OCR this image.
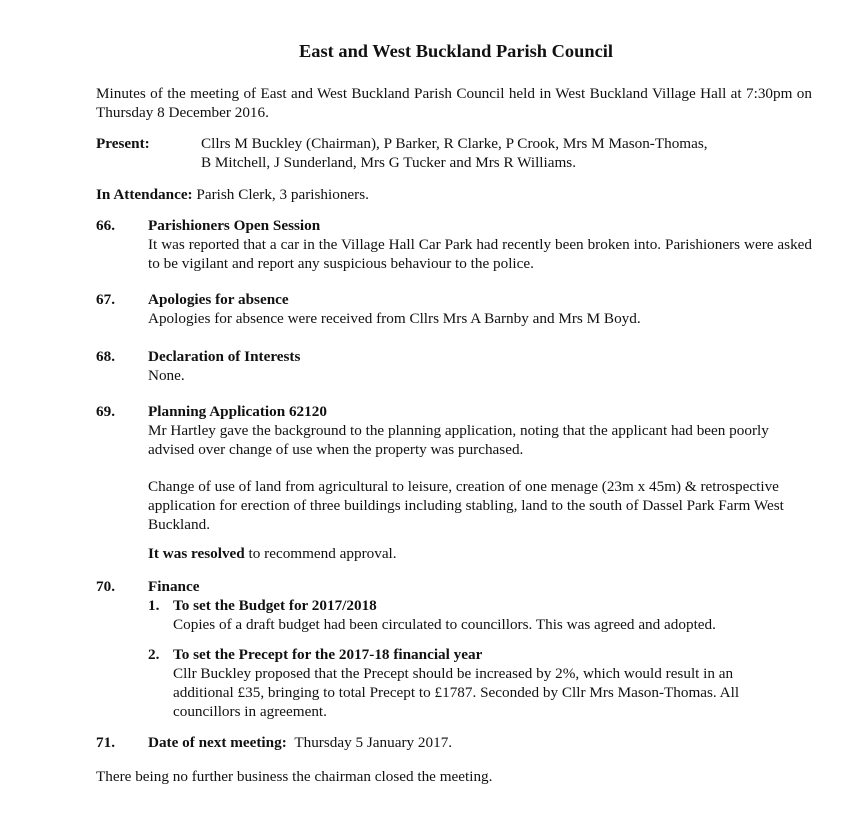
East and West Buckland Parish Council

Minutes of the meeting of East and West Buckland Parish Council held in West Buckland Village Hall at 7:30pm on Thursday 8 December 2016.

Present:	Cllrs M Buckley (Chairman), P Barker, R Clarke, P Crook, Mrs M Mason-Thomas,
B Mitchell, J Sunderland, Mrs G Tucker and Mrs R Williams.
In Attendance: Parish Clerk, 3 parishioners.
66. Parishioners Open Session

It was reported that a car in the Village Hall Car Park had recently been broken into. Parishioners were asked to be vigilant and report any suspicious behaviour to the police.

67. Apologies for absence

Apologies for absence were received from Cllrs Mrs A Barnby and Mrs M Boyd.

68. Declaration of Interests

None.

69. Planning Application 62120

Mr Hartley gave the background to the planning application, noting that the applicant had been poorly advised over change of use when the property was purchased.

Change of use of land from agricultural to leisure, creation of one menage (23m x 45m) & retrospective application for erection of three buildings including stabling, land to the south of Dassel Park Farm West Buckland.

It was resolved to recommend approval.

70. Finance
1. To set the Budget for 2017/2018

Copies of a draft budget had been circulated to councillors. This was agreed and adopted.

2. To set the Precept for the 2017-18 financial year

Cllr Buckley proposed that the Precept should be increased by 2%, which would result in an additional £35, bringing to total Precept to £1787. Seconded by Cllr Mrs Mason-Thomas. All councillors in agreement.

71. Date of next meeting: Thursday 5 January 2017.

There being no further business the chairman closed the meeting.
